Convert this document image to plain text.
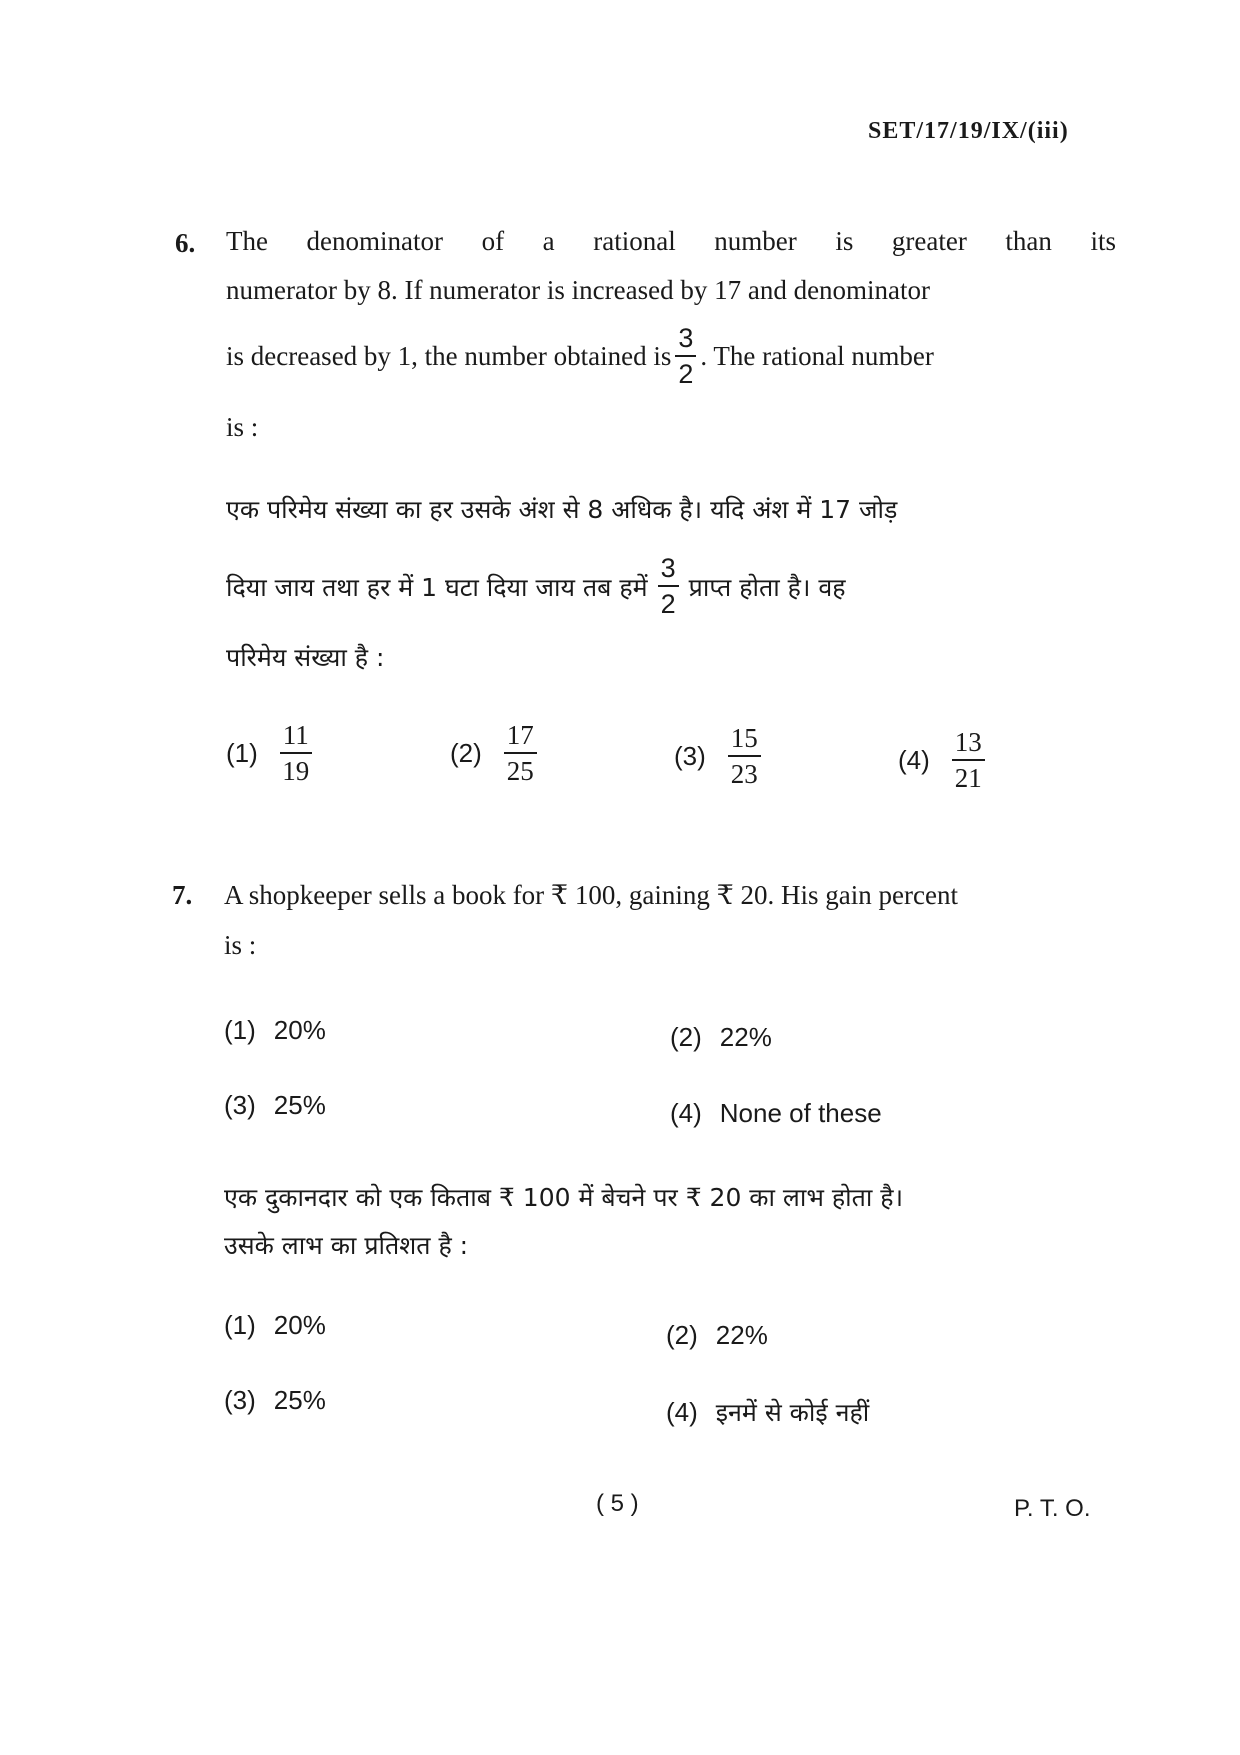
SET/17/19/IX/(iii)
6. The denominator of a rational number is greater than its
numerator by 8. If numerator is increased by 17 and denominator
is decreased by 1, the number obtained is $\frac{3}{2}$ . The rational number
is :
एक परिमेय संख्या का हर उसके अंश से 8 अधिक है। यदि अंश में 17 जोड़
दिया जाय तथा हर में 1 घटा दिया जाय तब हमें $\frac{3}{2}$ प्राप्त होता है। वह
परिमेय संख्या है :
$(1) \frac{11}{19}$	$(2) \frac{17}{25}$	$(3) \frac{15}{23}$	$(4) \frac{13}{21}$
7. A shopkeeper sells a book for ₹ 100, gaining ₹ 20. His gain percent
is :
(1) 20%	(2) 22%
(3) 25%	(4) None of these
एक दुकानदार को एक किताब ₹ 100 में बेचने पर ₹ 20 का लाभ होता है।
उसके लाभ का प्रतिशत है :
(1) 20%	(2) 22%
(3) 25%	(4) इनमें से कोई नहीं
( 5 )	P. T. O.
